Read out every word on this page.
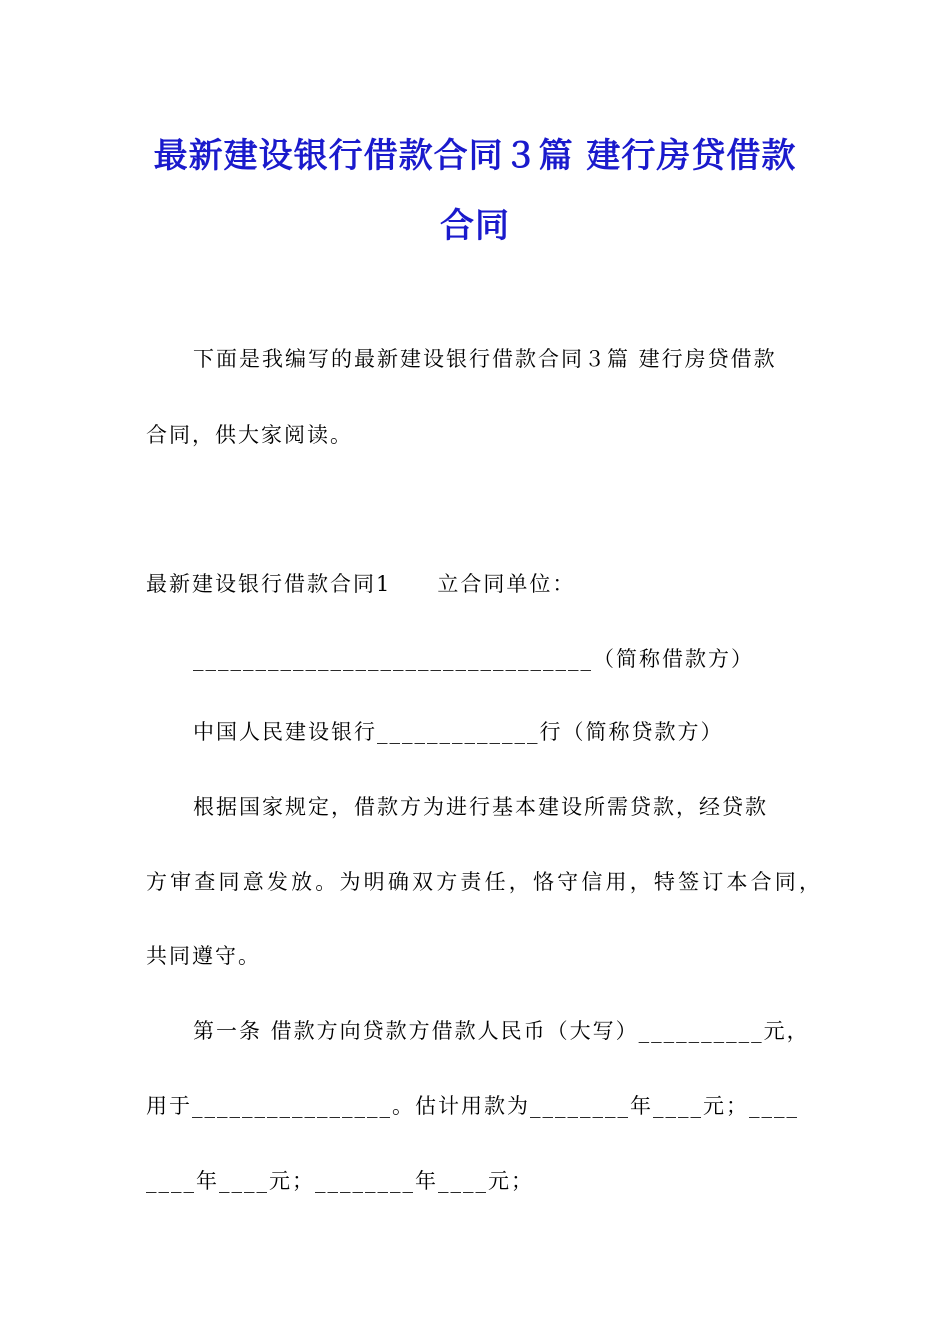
最新建设银行借款合同３篇 建行房贷借款
合同
下面是我编写的最新建设银行借款合同３篇 建行房贷借款
合同，供大家阅读。
最新建设银行借款合同1　　立合同单位：
________________________________（简称借款方）
中国人民建设银行_____________行（简称贷款方）
根据国家规定，借款方为进行基本建设所需贷款，经贷款
方审查同意发放。为明确双方责任，恪守信用，特签订本合同，
共同遵守。
第一条 借款方向贷款方借款人民币（大写）__________元，
用于________________。估计用款为________年____元；____
____年____元；________年____元；
